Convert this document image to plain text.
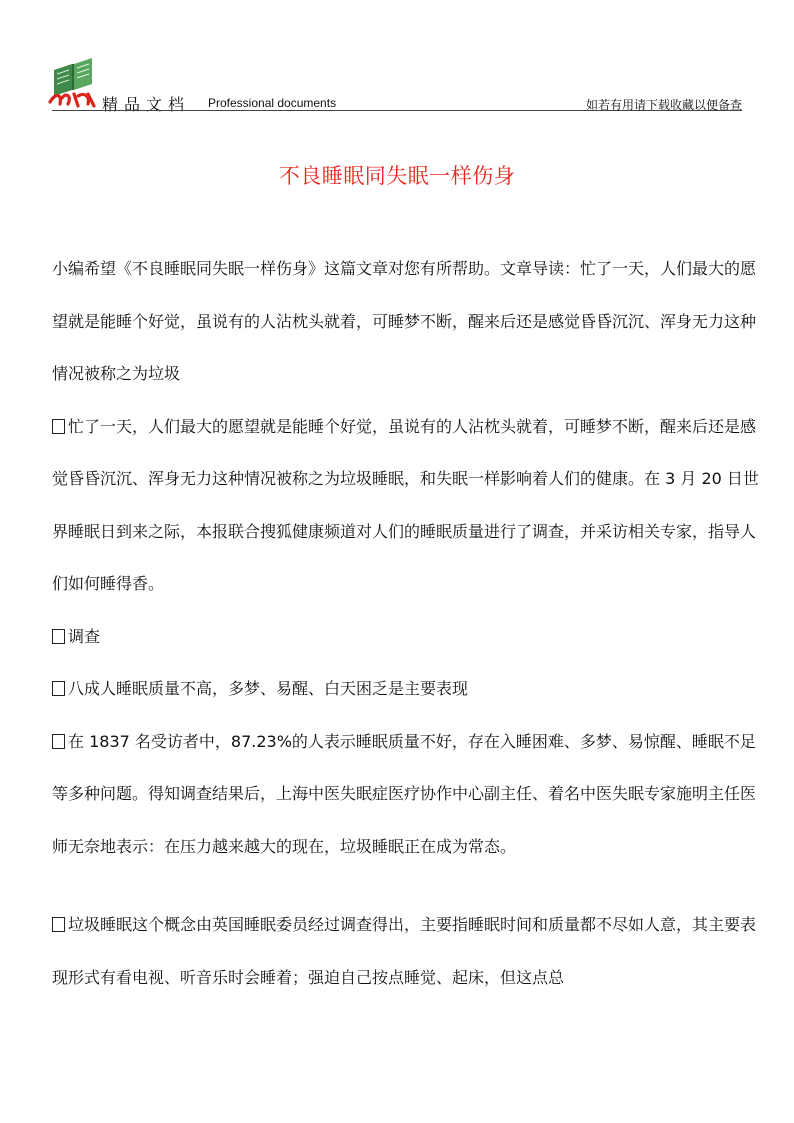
精品文档 Professional documents	如若有用请下载收藏以便备查
不良睡眠同失眠一样伤身

小编希望《不良睡眠同失眠一样伤身》这篇文章对您有所帮助。文章导读：忙了一天，人们最大的愿望就是能睡个好觉，虽说有的人沾枕头就着，可睡梦不断，醒来后还是感觉昏昏沉沉、浑身无力这种情况被称之为垃圾

忙了一天，人们最大的愿望就是能睡个好觉，虽说有的人沾枕头就着，可睡梦不断，醒来后还是感觉昏昏沉沉、浑身无力这种情况被称之为垃圾睡眠，和失眠一样影响着人们的健康。在 3 月 20 日世界睡眠日到来之际，本报联合搜狐健康频道对人们的睡眠质量进行了调查，并采访相关专家，指导人们如何睡得香。

调查

八成人睡眠质量不高，多梦、易醒、白天困乏是主要表现

在 1837 名受访者中，87.23%的人表示睡眠质量不好，存在入睡困难、多梦、易惊醒、睡眠不足等多种问题。得知调查结果后，上海中医失眠症医疗协作中心副主任、着名中医失眠专家施明主任医师无奈地表示：在压力越来越大的现在，垃圾睡眠正在成为常态。

垃圾睡眠这个概念由英国睡眠委员经过调查得出，主要指睡眠时间和质量都不尽如人意，其主要表现形式有看电视、听音乐时会睡着；强迫自己按点睡觉、起床，但这点总
